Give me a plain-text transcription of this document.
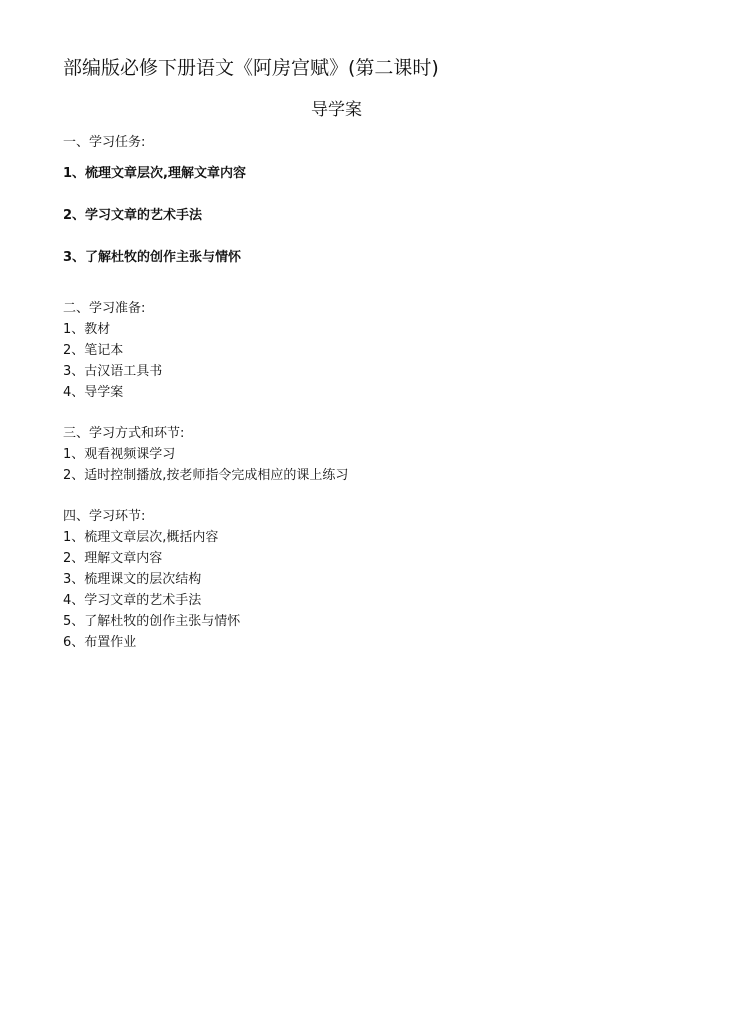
部编版必修下册语文《阿房宫赋》(第二课时)
导学案
一、学习任务:
1、梳理文章层次,理解文章内容
2、学习文章的艺术手法
3、了解杜牧的创作主张与情怀
二、学习准备:
1、教材
2、笔记本
3、古汉语工具书
4、导学案
三、学习方式和环节:
1、观看视频课学习
2、适时控制播放,按老师指令完成相应的课上练习
四、学习环节:
1、梳理文章层次,概括内容
2、理解文章内容
3、梳理课文的层次结构
4、学习文章的艺术手法
5、了解杜牧的创作主张与情怀
6、布置作业
